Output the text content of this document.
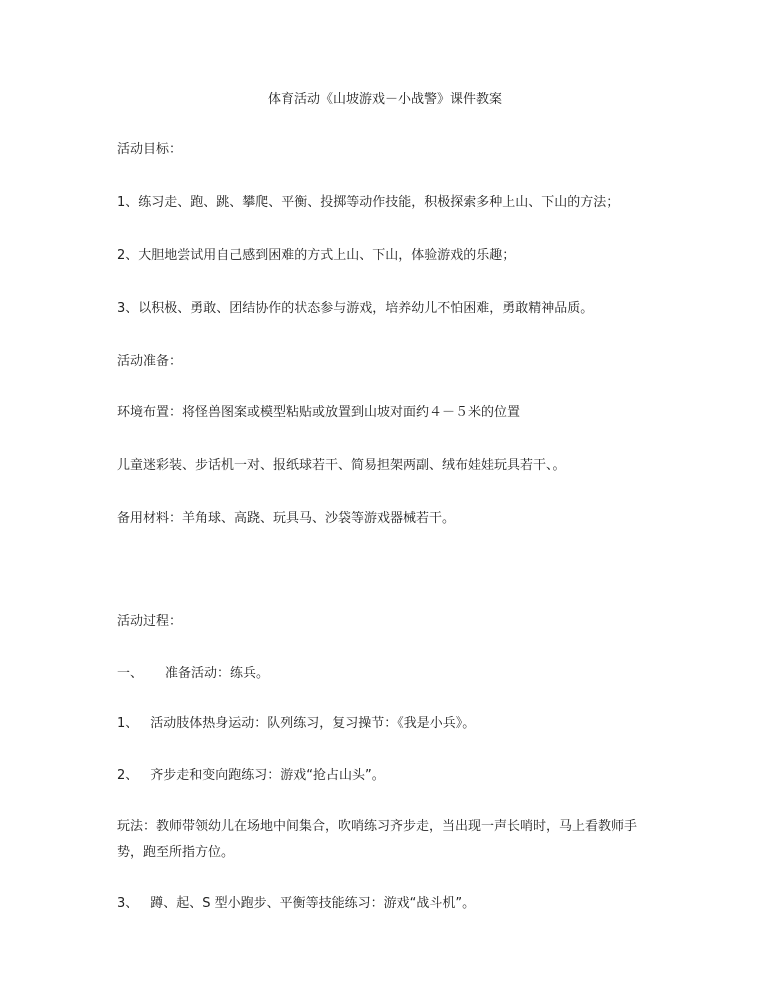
体育活动《山坡游戏－小战警》课件教案
活动目标：
1、练习走、跑、跳、攀爬、平衡、投掷等动作技能，积极探索多种上山、下山的方法；
2、大胆地尝试用自己感到困难的方式上山、下山，体验游戏的乐趣；
3、以积极、勇敢、团结协作的状态参与游戏，培养幼儿不怕困难，勇敢精神品质。
活动准备：
环境布置：将怪兽图案或模型粘贴或放置到山坡对面约４－５米的位置
儿童迷彩装、步话机一对、报纸球若干、简易担架两副、绒布娃娃玩具若干、。
备用材料：羊角球、高跷、玩具马、沙袋等游戏器械若干。
活动过程：
一、 准备活动：练兵。
1、 活动肢体热身运动：队列练习，复习操节：《我是小兵》。
2、 齐步走和变向跑练习：游戏“抢占山头”。
玩法：教师带领幼儿在场地中间集合，吹哨练习齐步走，当出现一声长哨时，马上看教师手势，跑至所指方位。
3、 蹲、起、S 型小跑步、平衡等技能练习：游戏“战斗机”。
